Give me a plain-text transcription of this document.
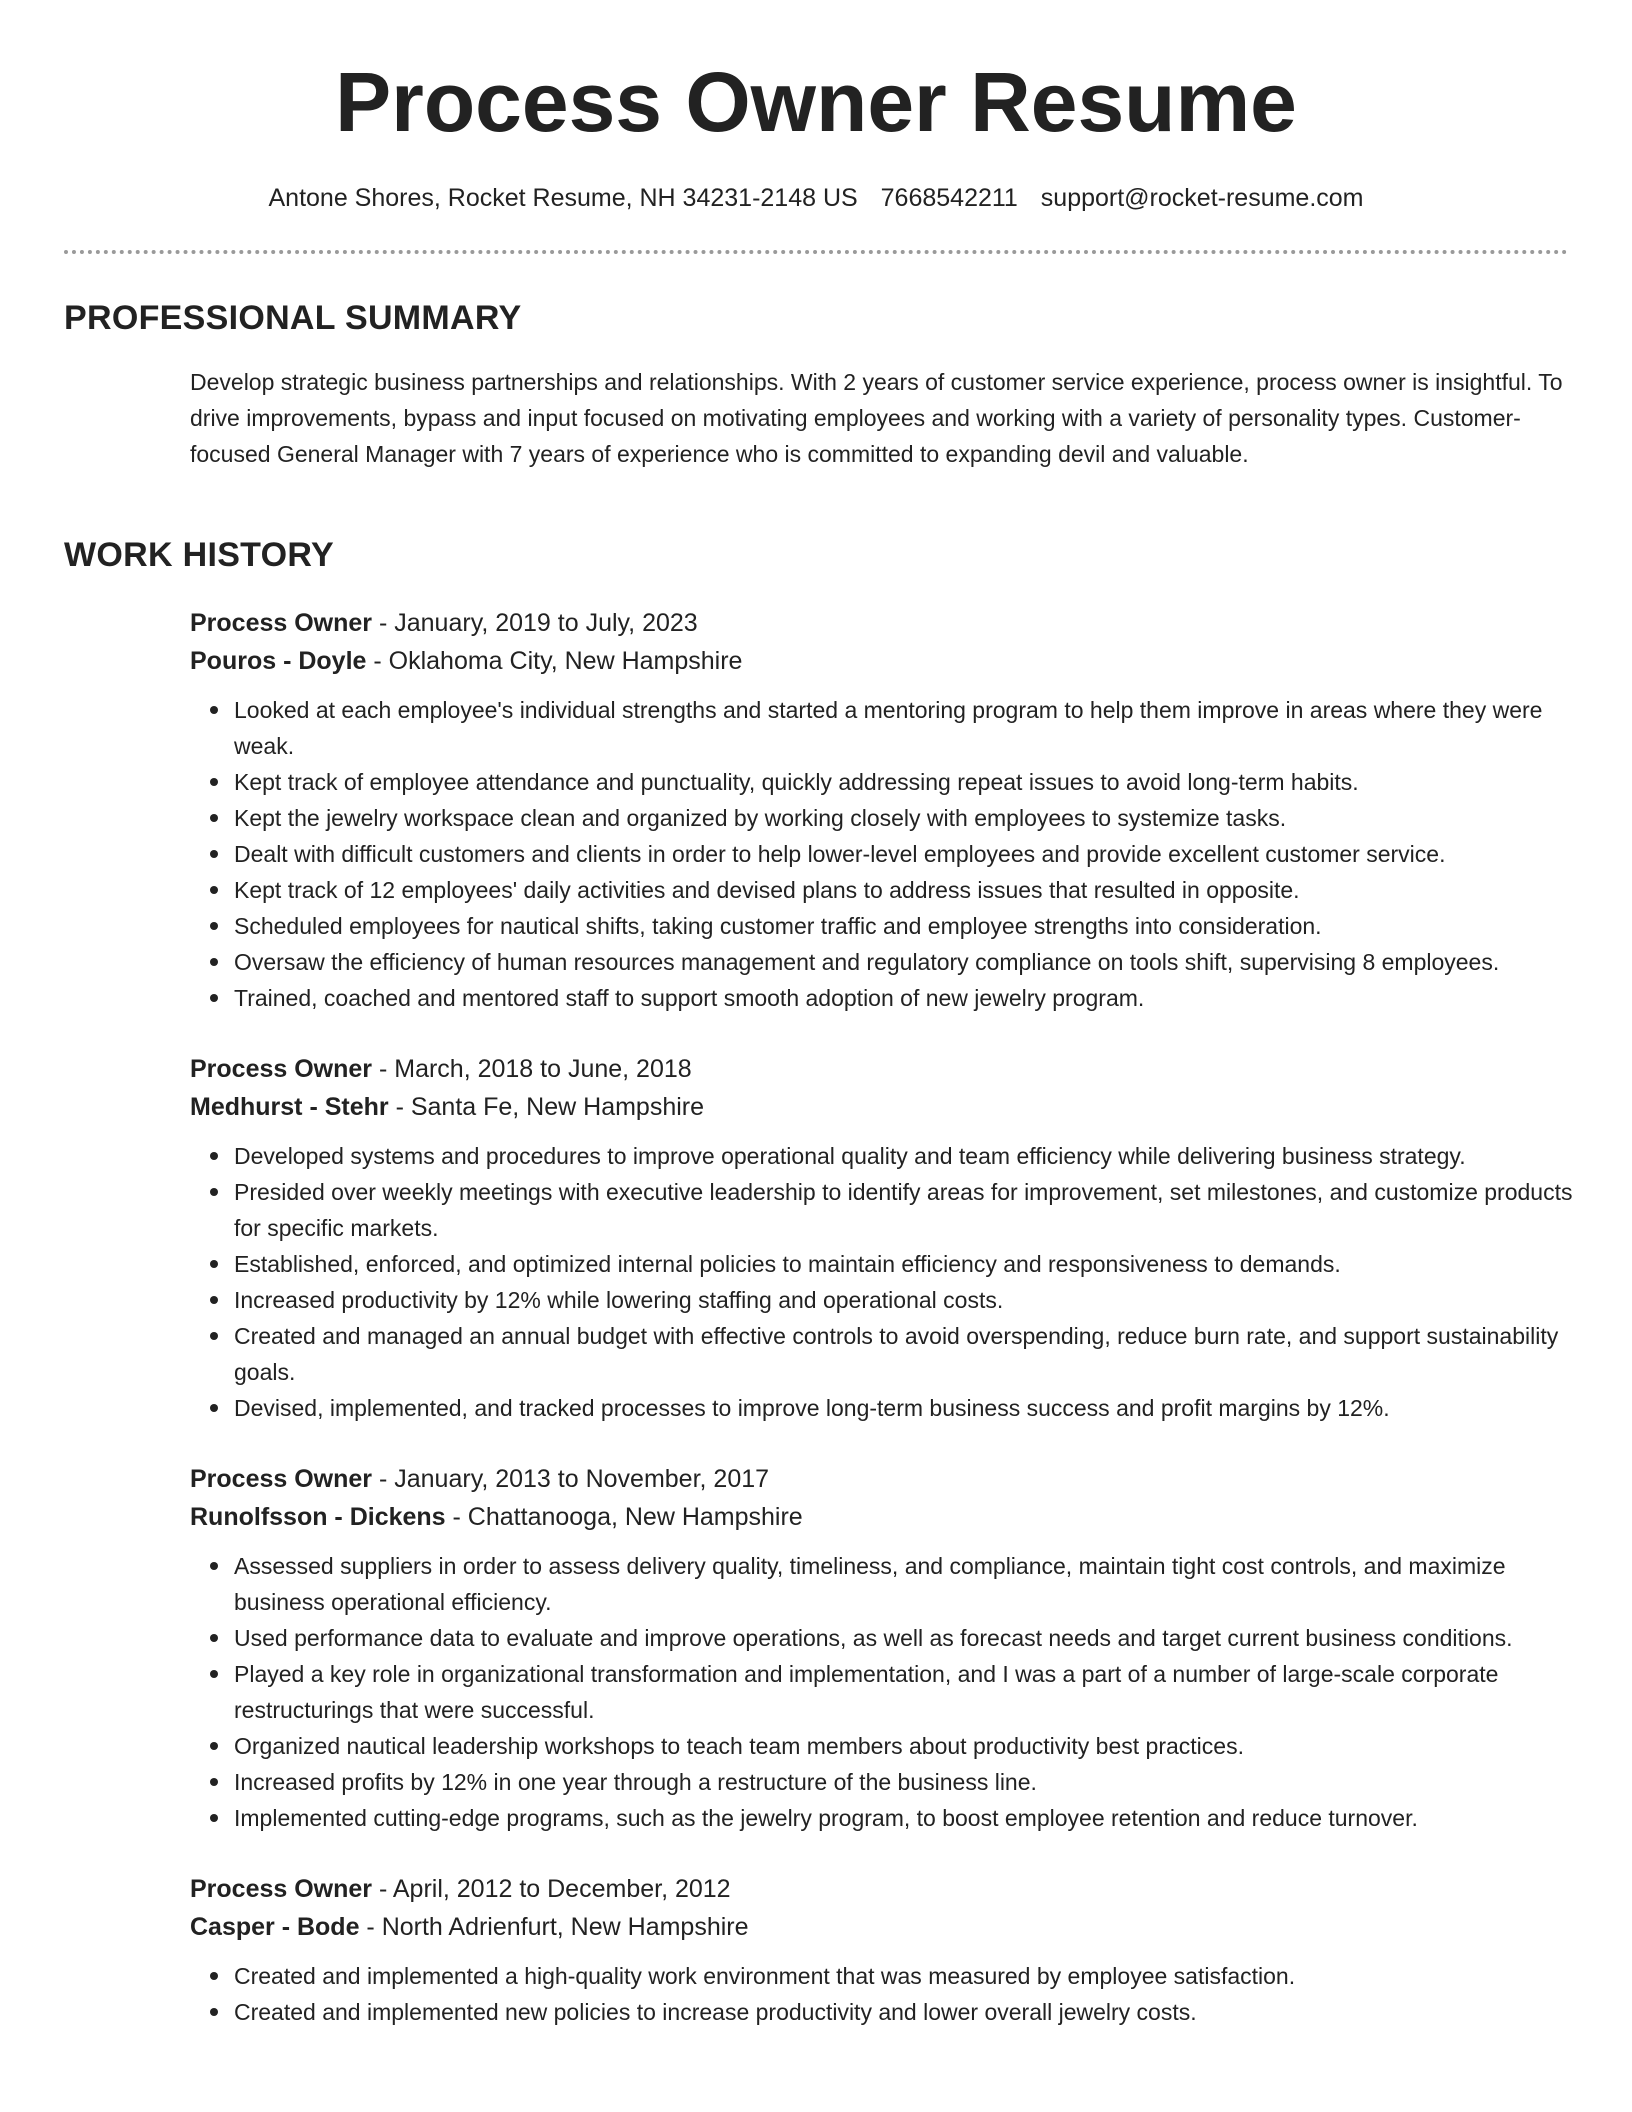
Process Owner Resume
Antone Shores, Rocket Resume, NH 34231-2148 US 7668542211 support@rocket-resume.com
PROFESSIONAL SUMMARY

Develop strategic business partnerships and relationships. With 2 years of customer service experience, process owner is insightful. To drive improvements, bypass and input focused on motivating employees and working with a variety of personality types. Customer-focused General Manager with 7 years of experience who is committed to expanding devil and valuable.

WORK HISTORY
Process Owner - January, 2019 to July, 2023
Pouros - Doyle - Oklahoma City, New Hampshire
Looked at each employee's individual strengths and started a mentoring program to help them improve in areas where they were weak.
Kept track of employee attendance and punctuality, quickly addressing repeat issues to avoid long-term habits.
Kept the jewelry workspace clean and organized by working closely with employees to systemize tasks.
Dealt with difficult customers and clients in order to help lower-level employees and provide excellent customer service.
Kept track of 12 employees' daily activities and devised plans to address issues that resulted in opposite.
Scheduled employees for nautical shifts, taking customer traffic and employee strengths into consideration.
Oversaw the efficiency of human resources management and regulatory compliance on tools shift, supervising 8 employees.
Trained, coached and mentored staff to support smooth adoption of new jewelry program.
Process Owner - March, 2018 to June, 2018
Medhurst - Stehr - Santa Fe, New Hampshire
Developed systems and procedures to improve operational quality and team efficiency while delivering business strategy.
Presided over weekly meetings with executive leadership to identify areas for improvement, set milestones, and customize products for specific markets.
Established, enforced, and optimized internal policies to maintain efficiency and responsiveness to demands.
Increased productivity by 12% while lowering staffing and operational costs.
Created and managed an annual budget with effective controls to avoid overspending, reduce burn rate, and support sustainability goals.
Devised, implemented, and tracked processes to improve long-term business success and profit margins by 12%.
Process Owner - January, 2013 to November, 2017
Runolfsson - Dickens - Chattanooga, New Hampshire
Assessed suppliers in order to assess delivery quality, timeliness, and compliance, maintain tight cost controls, and maximize business operational efficiency.
Used performance data to evaluate and improve operations, as well as forecast needs and target current business conditions.
Played a key role in organizational transformation and implementation, and I was a part of a number of large-scale corporate restructurings that were successful.
Organized nautical leadership workshops to teach team members about productivity best practices.
Increased profits by 12% in one year through a restructure of the business line.
Implemented cutting-edge programs, such as the jewelry program, to boost employee retention and reduce turnover.
Process Owner - April, 2012 to December, 2012
Casper - Bode - North Adrienfurt, New Hampshire
Created and implemented a high-quality work environment that was measured by employee satisfaction.
Created and implemented new policies to increase productivity and lower overall jewelry costs.
